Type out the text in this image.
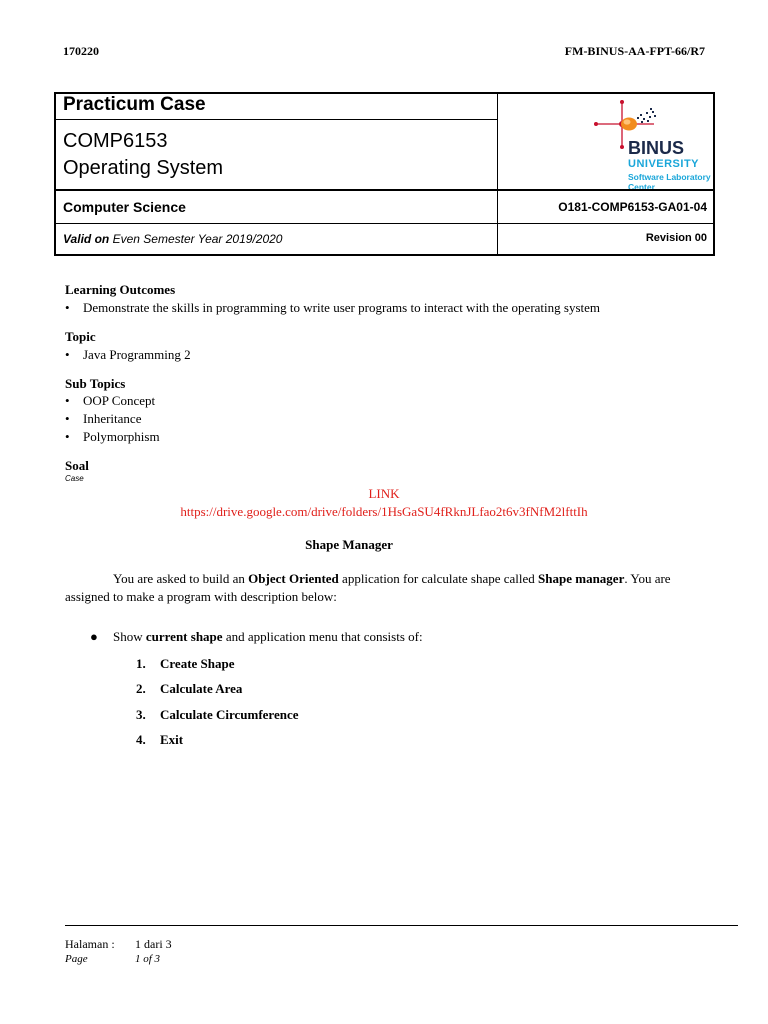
170220	FM-BINUS-AA-FPT-66/R7
Practicum Case
COMP6153
Operating System
BINUS
UNIVERSITY
Software Laboratory
Center
Computer Science	O181-COMP6153-GA01-04
Valid on Even Semester Year 2019/2020	Revision 00
Learning Outcomes
• Demonstrate the skills in programming to write user programs to interact with the operating system
Topic
• Java Programming 2
Sub Topics
• OOP Concept
• Inheritance
• Polymorphism
Soal
Case
LINK
https://drive.google.com/drive/folders/1HsGaSU4fRknJLfao2t6v3fNfM2lfttIh
Shape Manager
You are asked to build an Object Oriented application for calculate shape called Shape manager. You are assigned to make a program with description below:
● Show current shape and application menu that consists of:
1. Create Shape
2. Calculate Area
3. Calculate Circumference
4. Exit
Halaman : 1 dari 3
Page	1 of 3
